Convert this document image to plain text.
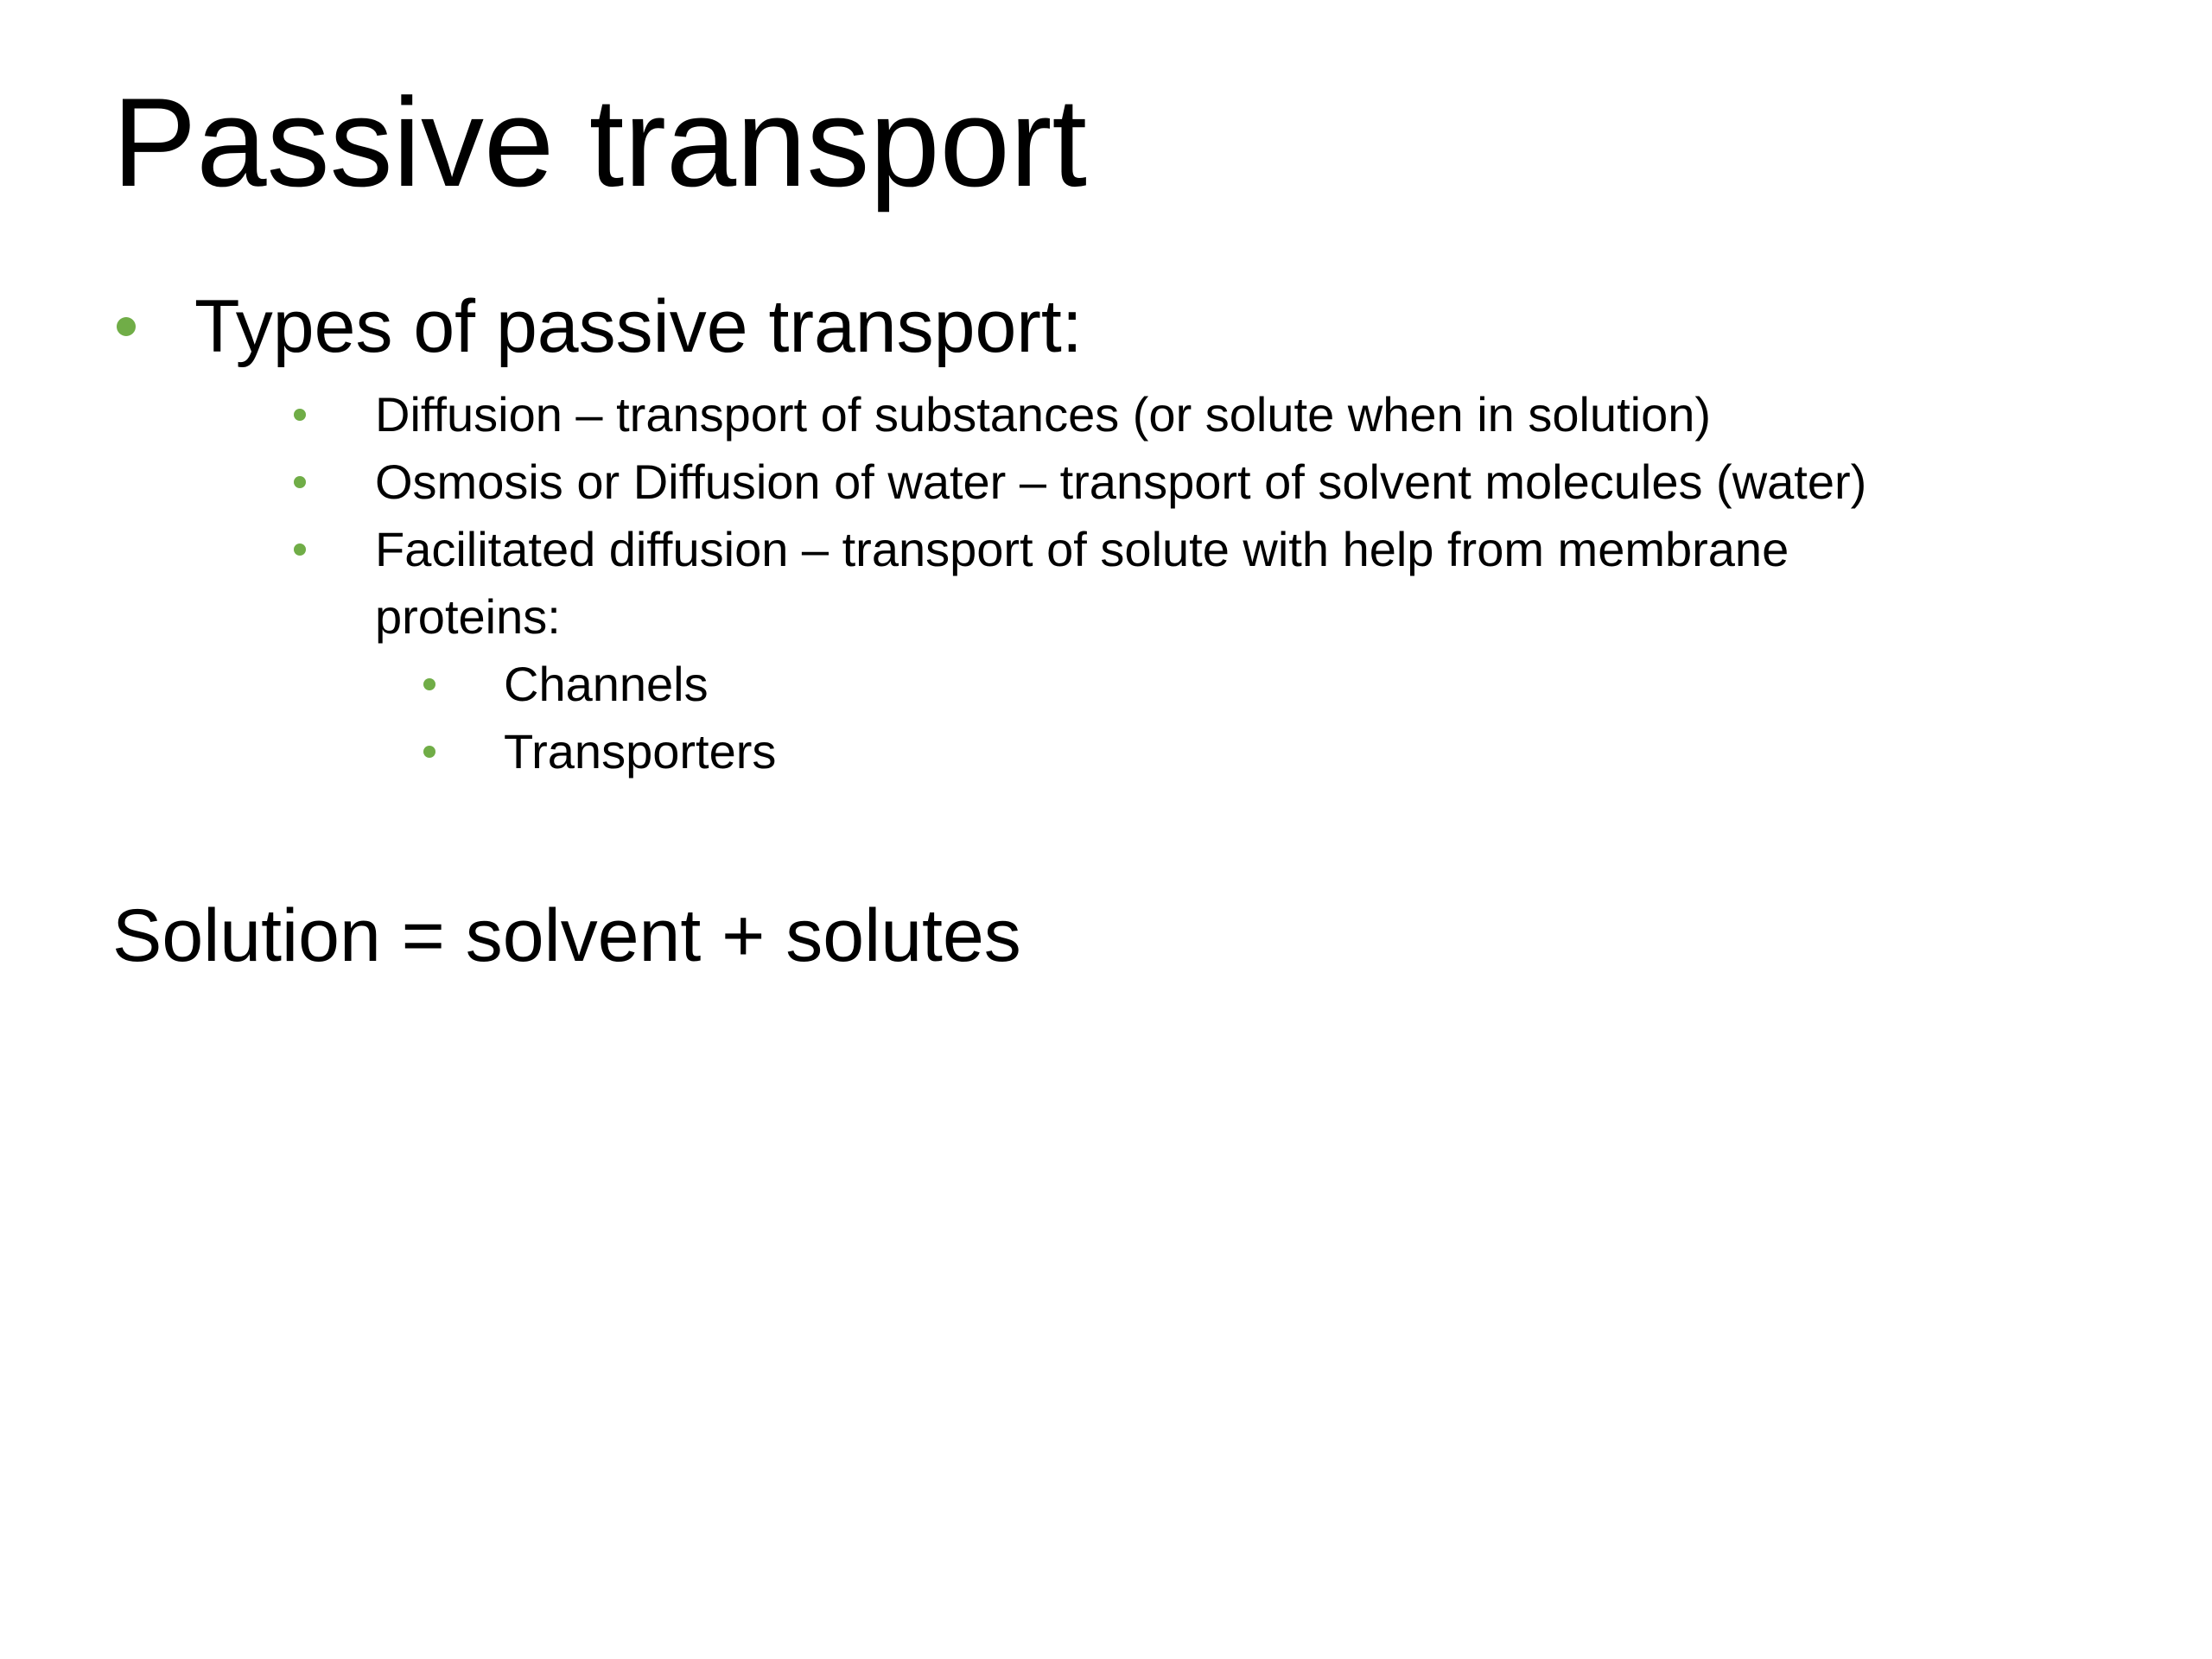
Passive transport
Types of passive transport:
Diffusion – transport of substances (or solute when in solution)
Osmosis or Diffusion of water – transport of solvent molecules (water)
Facilitated diffusion – transport of solute with help from membrane
proteins:
Channels
Transporters
Solution = solvent + solutes
